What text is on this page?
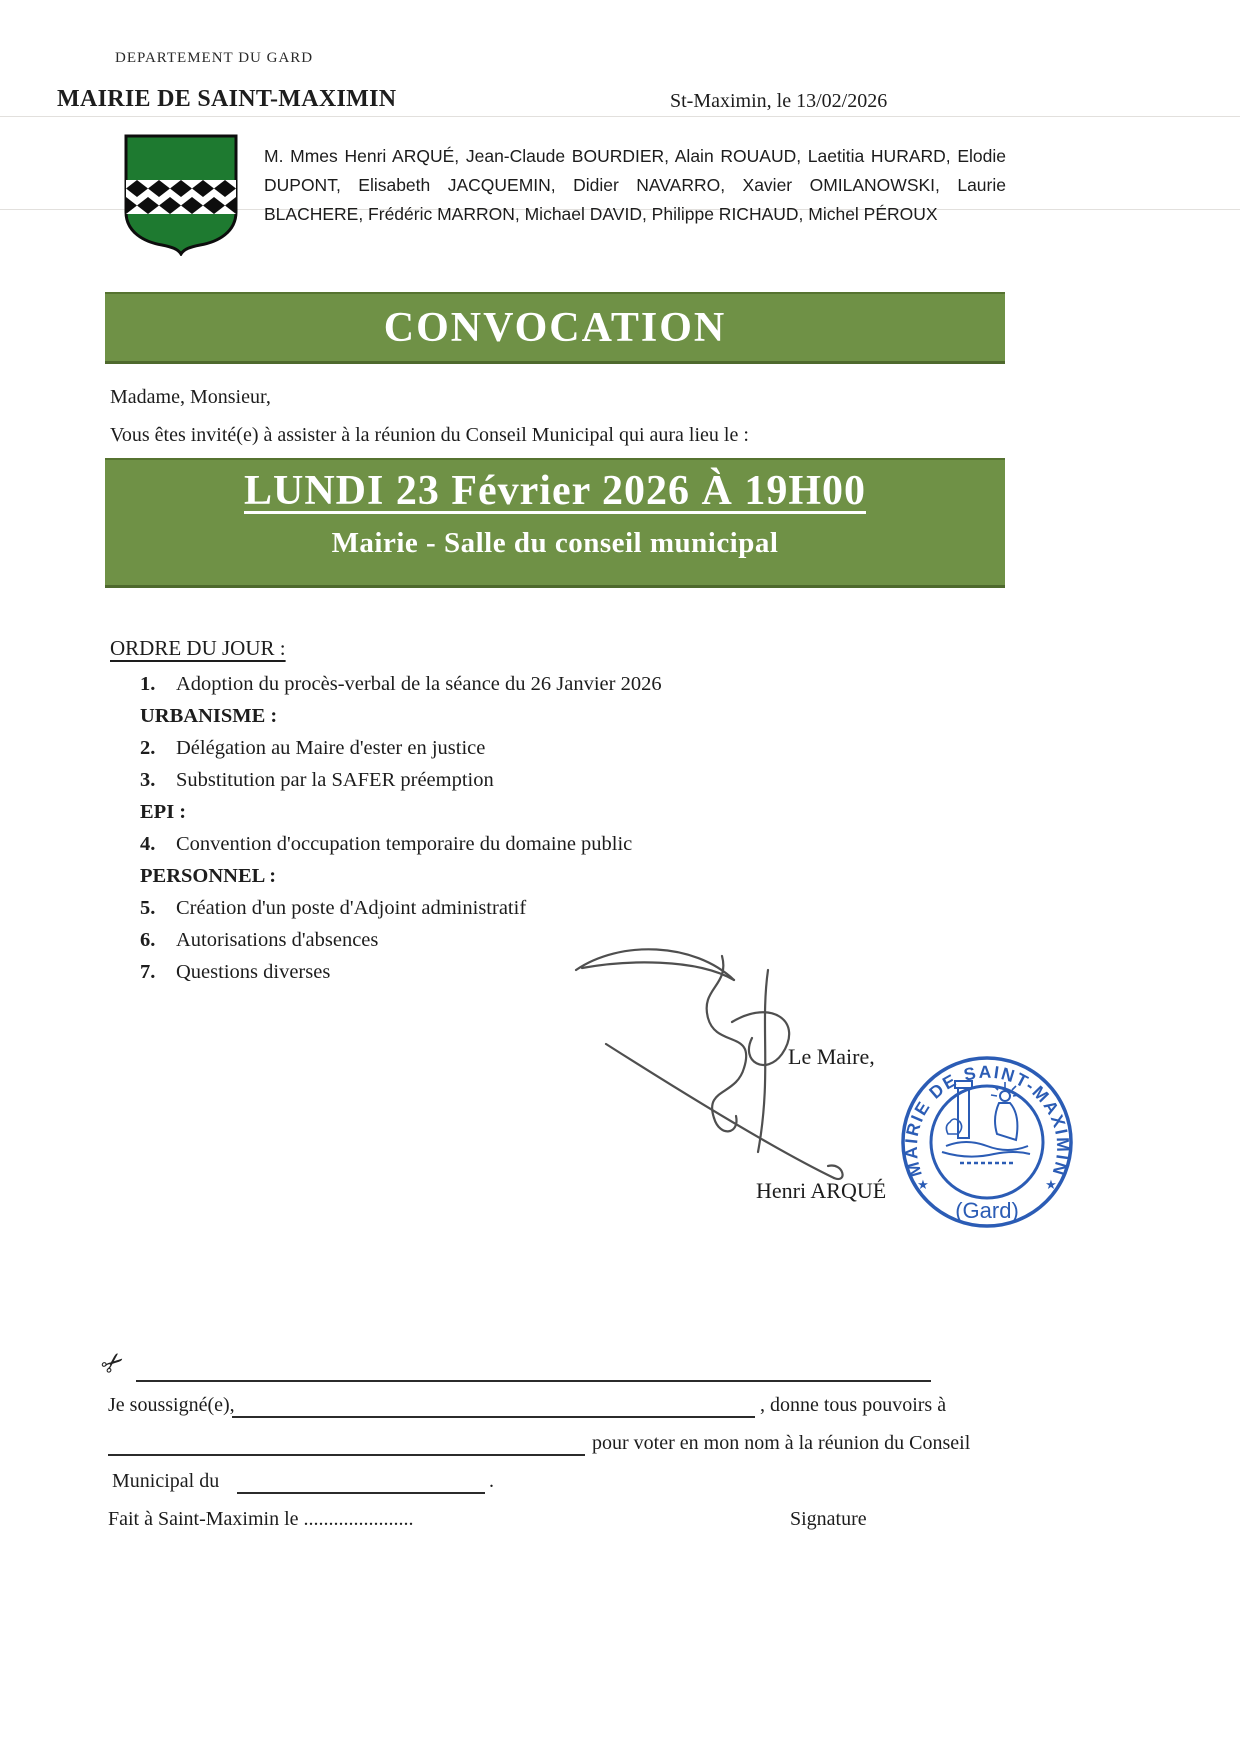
DEPARTEMENT DU GARD
MAIRIE DE SAINT-MAXIMIN	St-Maximin, le 13/02/2026
M. Mmes Henri ARQUÉ, Jean-Claude BOURDIER, Alain ROUAUD, Laetitia HURARD, Elodie DUPONT, Elisabeth JACQUEMIN, Didier NAVARRO, Xavier OMILANOWSKI, Laurie BLACHERE, Frédéric MARRON, Michael DAVID, Philippe RICHAUD, Michel PÉROUX
CONVOCATION
Madame, Monsieur,
Vous êtes invité(e) à assister à la réunion du Conseil Municipal qui aura lieu le :
LUNDI 23 Février 2026 À 19H00
Mairie - Salle du conseil municipal
ORDRE DU JOUR :
1. Adoption du procès-verbal de la séance du 26 Janvier 2026
URBANISME :
2. Délégation au Maire d'ester en justice
3. Substitution par la SAFER préemption
EPI :
4. Convention d'occupation temporaire du domaine public
PERSONNEL :
5. Création d'un poste d'Adjoint administratif
6. Autorisations d'absences
7. Questions diverses
Le Maire,
Henri ARQUÉ
MAIRIE DE SAINT-MAXIMIN
★	★
(Gard)
✂
Je soussigné(e),	, donne tous pouvoirs à
pour voter en mon nom à la réunion du Conseil
Municipal du	.
Fait à Saint-Maximin le ......................	Signature
